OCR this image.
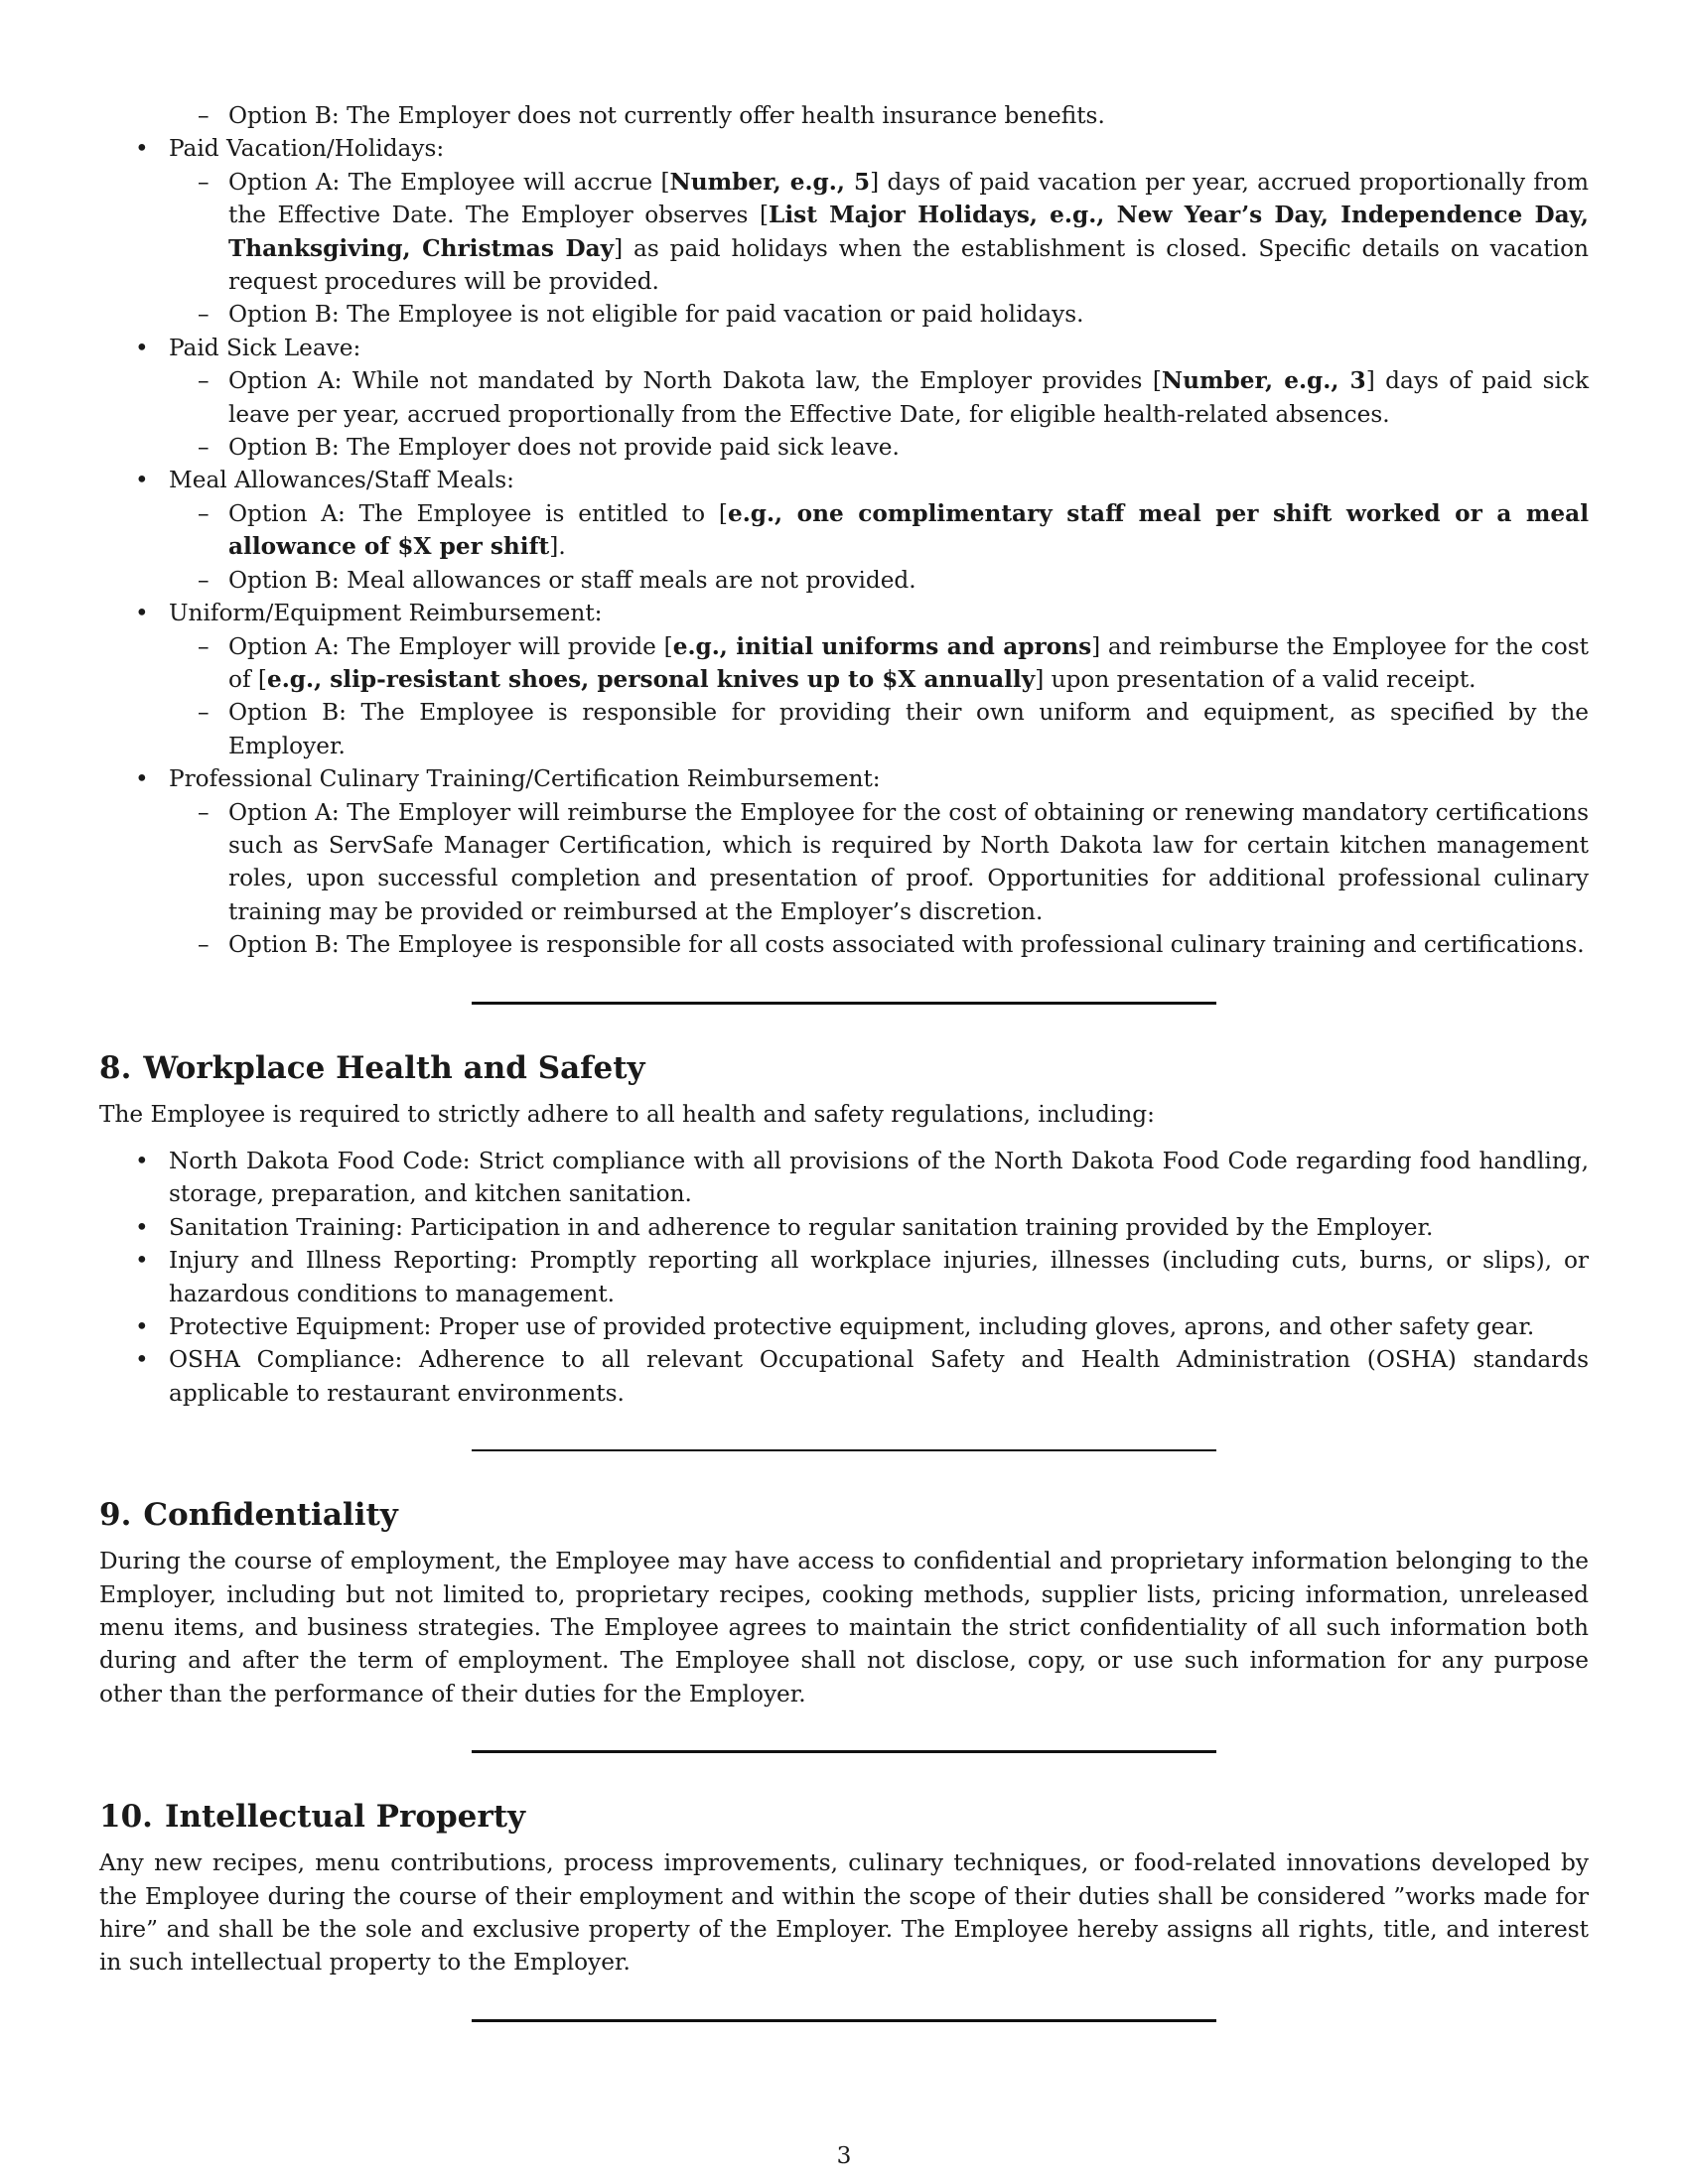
– Option B: The Employer does not currently offer health insurance benefits.
• Paid Vacation/Holidays:
– Option A: The Employee will accrue [Number, e.g., 5] days of paid vacation per year, accrued proportionally from the Effective Date. The Employer observes [List Major Holidays, e.g., New Year’s Day, Independence Day, Thanksgiving, Christmas Day] as paid holidays when the establishment is closed. Specific details on vacation request procedures will be provided.
– Option B: The Employee is not eligible for paid vacation or paid holidays.
• Paid Sick Leave:
– Option A: While not mandated by North Dakota law, the Employer provides [Number, e.g., 3] days of paid sick leave per year, accrued proportionally from the Effective Date, for eligible health-related absences.
– Option B: The Employer does not provide paid sick leave.
• Meal Allowances/Staff Meals:
– Option A: The Employee is entitled to [e.g., one complimentary staff meal per shift worked or a meal allowance of $X per shift].
– Option B: Meal allowances or staff meals are not provided.
• Uniform/Equipment Reimbursement:
– Option A: The Employer will provide [e.g., initial uniforms and aprons] and reimburse the Employee for the cost of [e.g., slip-resistant shoes, personal knives up to $X annually] upon presentation of a valid receipt.
– Option B: The Employee is responsible for providing their own uniform and equipment, as specified by the Employer.
• Professional Culinary Training/Certification Reimbursement:
– Option A: The Employer will reimburse the Employee for the cost of obtaining or renewing mandatory certifications such as ServSafe Manager Certification, which is required by North Dakota law for certain kitchen management roles, upon successful completion and presentation of proof. Opportunities for additional professional culinary training may be provided or reimbursed at the Employer’s discretion.
– Option B: The Employee is responsible for all costs associated with professional culinary training and certifications.
8. Workplace Health and Safety

The Employee is required to strictly adhere to all health and safety regulations, including:

• North Dakota Food Code: Strict compliance with all provisions of the North Dakota Food Code regarding food handling, storage, preparation, and kitchen sanitation.
• Sanitation Training: Participation in and adherence to regular sanitation training provided by the Employer.
• Injury and Illness Reporting: Promptly reporting all workplace injuries, illnesses (including cuts, burns, or slips), or hazardous conditions to management.
• Protective Equipment: Proper use of provided protective equipment, including gloves, aprons, and other safety gear.
• OSHA Compliance: Adherence to all relevant Occupational Safety and Health Administration (OSHA) standards applicable to restaurant environments.
9. Confidentiality

During the course of employment, the Employee may have access to confidential and proprietary information belonging to the Employer, including but not limited to, proprietary recipes, cooking methods, supplier lists, pricing information, unreleased menu items, and business strategies. The Employee agrees to maintain the strict confidentiality of all such information both during and after the term of employment. The Employee shall not disclose, copy, or use such information for any purpose other than the performance of their duties for the Employer.

10. Intellectual Property

Any new recipes, menu contributions, process improvements, culinary techniques, or food-related innovations developed by the Employee during the course of their employment and within the scope of their duties shall be considered ”works made for hire” and shall be the sole and exclusive property of the Employer. The Employee hereby assigns all rights, title, and interest in such intellectual property to the Employer.

3
